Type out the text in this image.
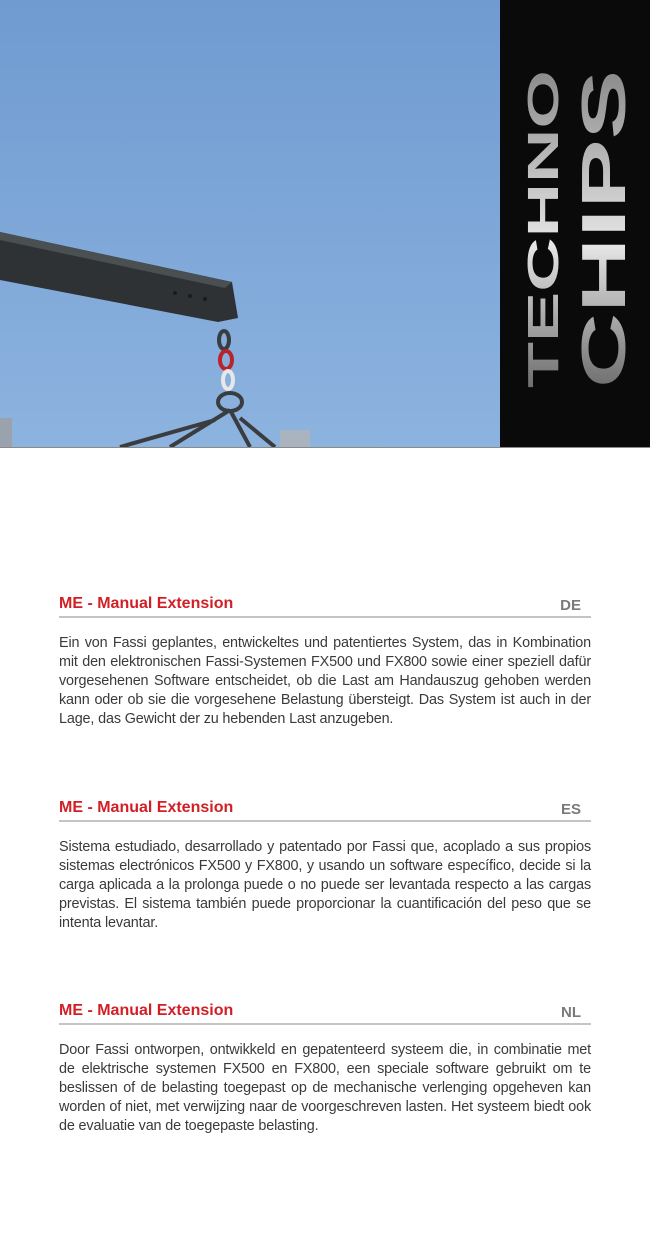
TECHNO CHIPS
ME - Manual Extension	DE

Ein von Fassi geplantes, entwickeltes und patentiertes System, das in Kombination mit den elektronischen Fassi-Systemen FX500 und FX800 sowie einer speziell dafür vorgesehenen Software entscheidet, ob die Last am Handauszug gehoben werden kann oder ob sie die vorgesehene Belastung übersteigt. Das System ist auch in der Lage, das Gewicht der zu hebenden Last anzugeben.

ME - Manual Extension	ES

Sistema estudiado, desarrollado y patentado por Fassi que, acoplado a sus propios sistemas electrónicos FX500 y FX800, y usando un software específico, decide si la carga aplicada a la prolonga puede o no puede ser levantada respecto a las cargas previstas. El sistema también puede proporcionar la cuantificación del peso que se intenta levantar.

ME - Manual Extension	NL

Door Fassi ontworpen, ontwikkeld en gepatenteerd systeem die, in combinatie met de elektrische systemen FX500 en FX800, een speciale software gebruikt om te beslissen of de belasting toegepast op de mechanische verlenging opgeheven kan worden of niet, met verwijzing naar de voorgeschreven lasten. Het systeem biedt ook de evaluatie van de toegepaste belasting.
